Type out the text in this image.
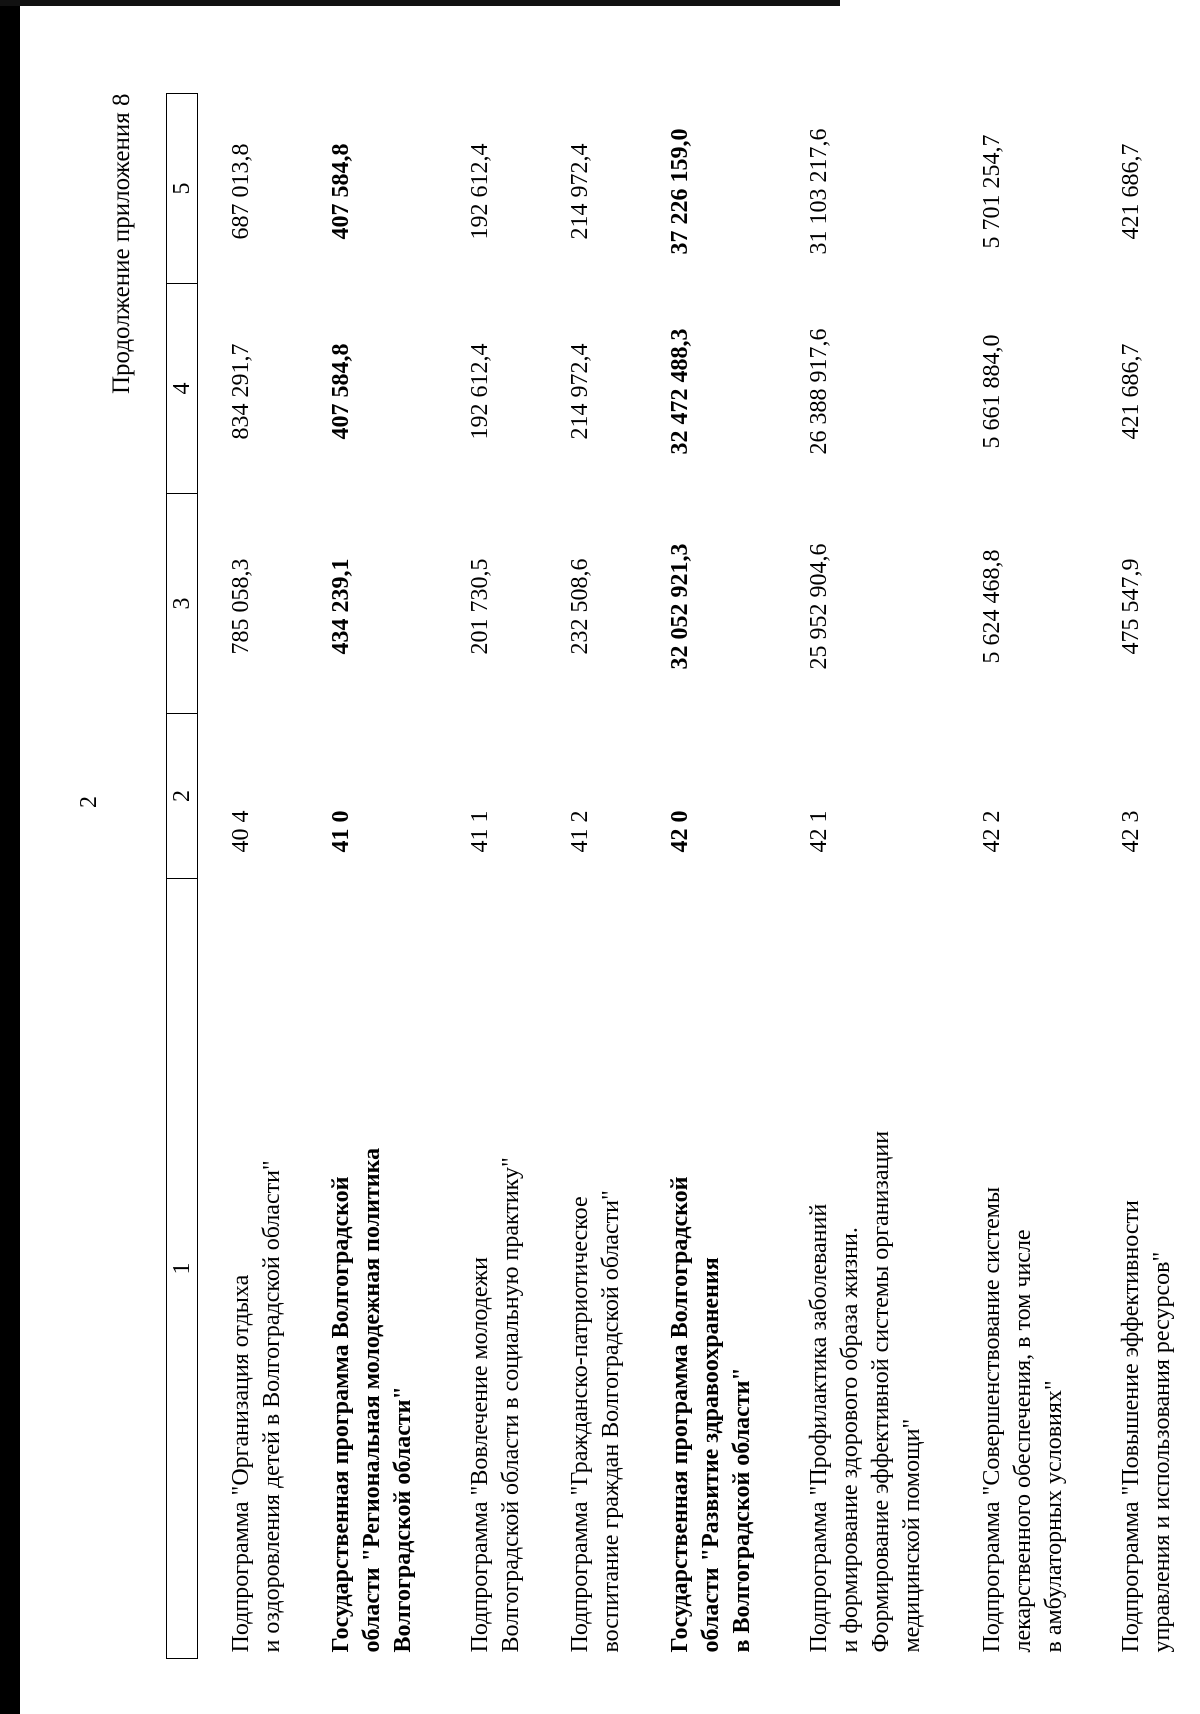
2
Продолжение приложения 8
1	2	3	4	5

Подпрограмма "Организация отдыха и оздоровления детей в Волгоградской области"	40 4	785 058,3	834 291,7	687 013,8

Государственная программа Волгоградской области "Региональная молодежная политика Волгоградской области"	41 0	434 239,1	407 584,8	407 584,8

Подпрограмма "Вовлечение молодежи Волгоградской области в социальную практику"	41 1	201 730,5	192 612,4	192 612,4

Подпрограмма "Гражданско-патриотическое воспитание граждан Волгоградской области"	41 2	232 508,6	214 972,4	214 972,4

Государственная программа Волгоградской области "Развитие здравоохранения в Волгоградской области"	42 0	32 052 921,3	32 472 488,3	37 226 159,0

Подпрограмма "Профилактика заболеваний и формирование здорового образа жизни. Формирование эффективной системы организации медицинской помощи"	42 1	25 952 904,6	26 388 917,6	31 103 217,6

Подпрограмма "Совершенствование системы лекарственного обеспечения, в том числе в амбулаторных условиях"	42 2	5 624 468,8	5 661 884,0	5 701 254,7

Подпрограмма "Повышение эффективности управления и использования ресурсов"	42 3	475 547,9	421 686,7	421 686,7
